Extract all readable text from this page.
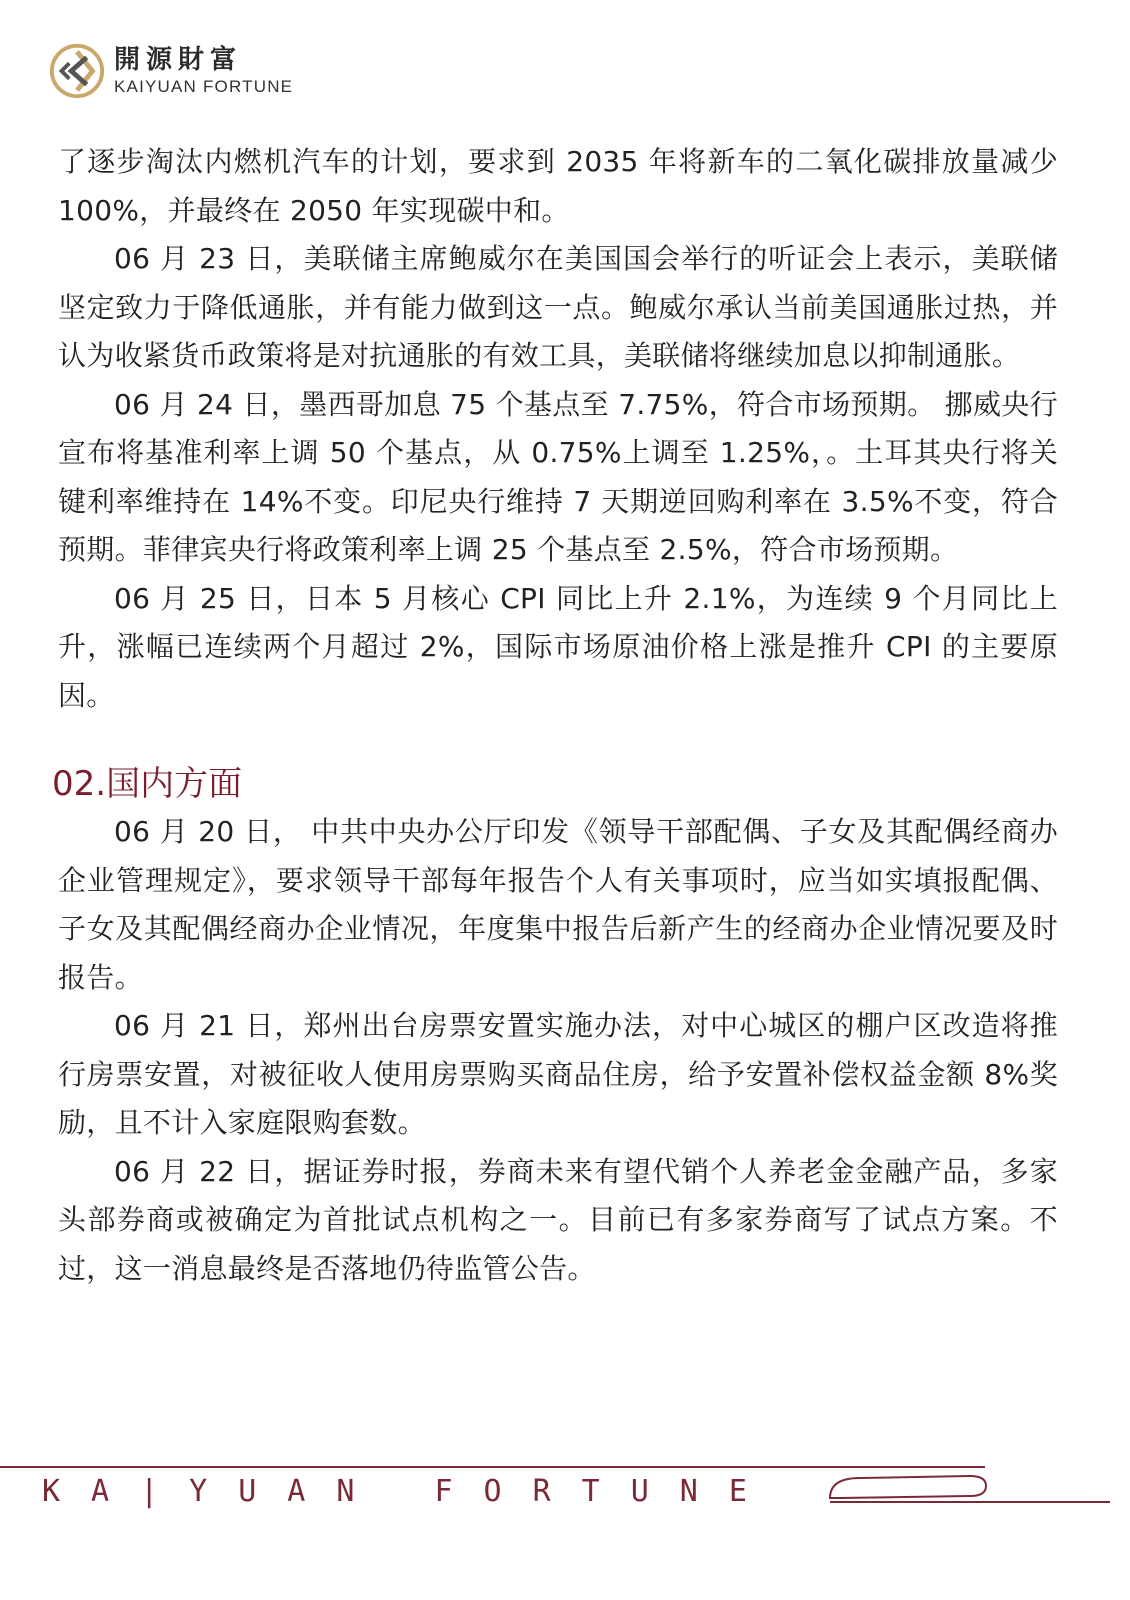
開源財富
KAIYUAN FORTUNE

了逐步淘汰内燃机汽车的计划，要求到 2035 年将新车的二氧化碳排放量减少 100%，并最终在 2050 年实现碳中和。

06 月 23 日，美联储主席鲍威尔在美国国会举行的听证会上表示，美联储坚定致力于降低通胀，并有能力做到这一点。鲍威尔承认当前美国通胀过热，并认为收紧货币政策将是对抗通胀的有效工具，美联储将继续加息以抑制通胀。

06 月 24 日，墨西哥加息 75 个基点至 7.75%，符合市场预期。 挪威央行宣布将基准利率上调 50 个基点，从 0.75%上调至 1.25%，。土耳其央行将关键利率维持在 14%不变。印尼央行维持 7 天期逆回购利率在 3.5%不变，符合预期。菲律宾央行将政策利率上调 25 个基点至 2.5%，符合市场预期。

06 月 25 日，日本 5 月核心 CPI 同比上升 2.1%，为连续 9 个月同比上升，涨幅已连续两个月超过 2%，国际市场原油价格上涨是推升 CPI 的主要原因。

02.国内方面

06 月 20 日， 中共中央办公厅印发《领导干部配偶、子女及其配偶经商办企业管理规定》，要求领导干部每年报告个人有关事项时，应当如实填报配偶、子女及其配偶经商办企业情况，年度集中报告后新产生的经商办企业情况要及时报告。

06 月 21 日，郑州出台房票安置实施办法，对中心城区的棚户区改造将推行房票安置，对被征收人使用房票购买商品住房，给予安置补偿权益金额 8%奖励，且不计入家庭限购套数。

06 月 22 日，据证券时报，券商未来有望代销个人养老金金融产品，多家头部券商或被确定为首批试点机构之一。目前已有多家券商写了试点方案。不过，这一消息最终是否落地仍待监管公告。

KA|YUAN FORTUNE
